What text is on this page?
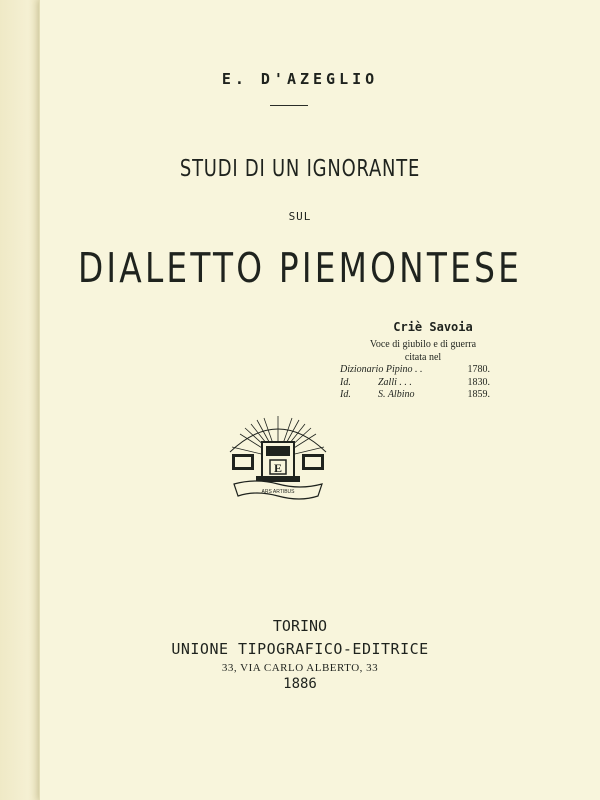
E. D'AZEGLIO
STUDI DI UN IGNORANTE
SUL
DIALETTO PIEMONTESE
Criè Savoia
Voce di giubilo e di guerra
citata nel
Dizionario Pipino . .	1780.
Id.	Zalli . . .	1830.
Id.	S. Albino	1859.
E
ARS ARTIBUS
TORINO
UNIONE TIPOGRAFICO-EDITRICE
33, VIA CARLO ALBERTO, 33
1886
